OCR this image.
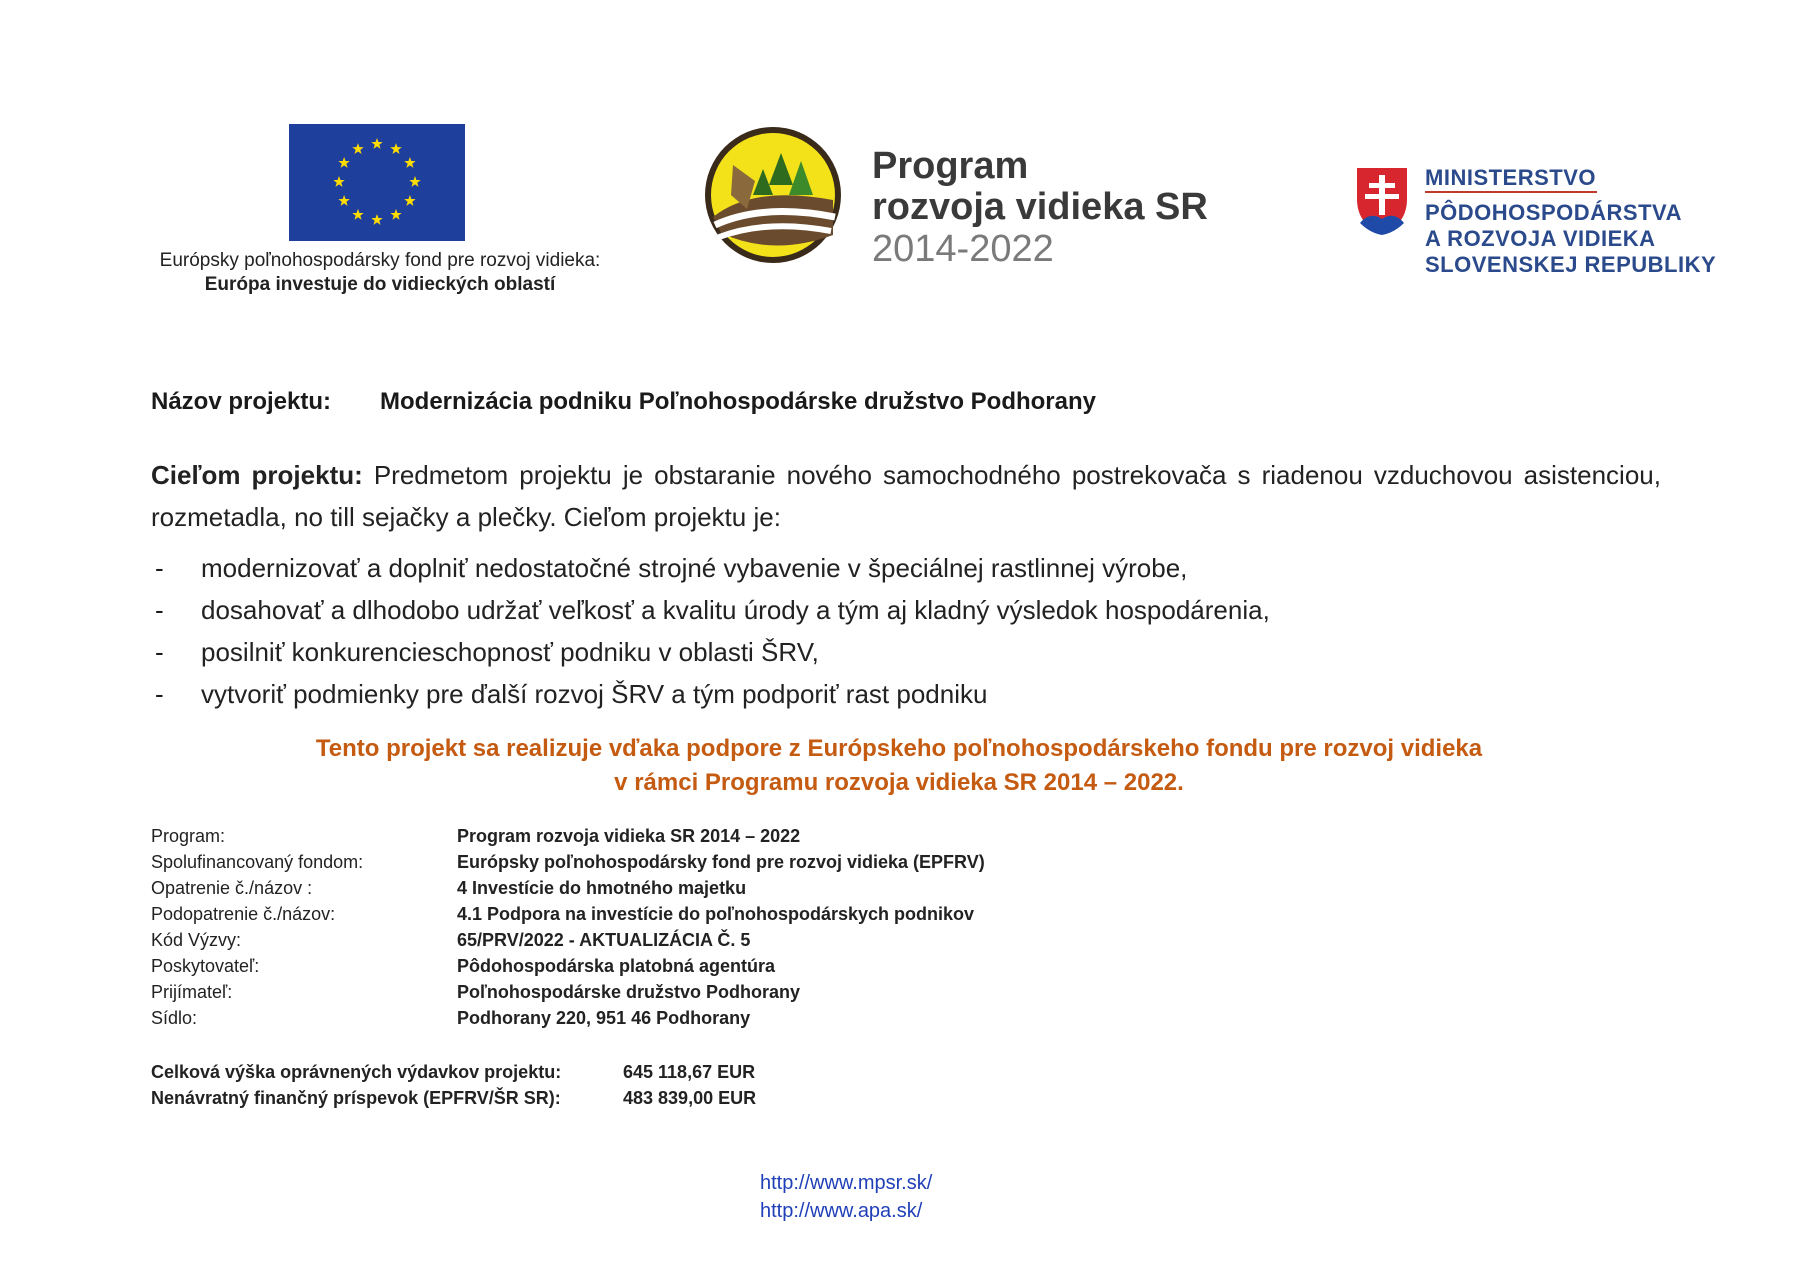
Európsky poľnohospodársky fond pre rozvoj vidieka:
Európa investuje do vidieckých oblastí
Program
rozvoja vidieka SR
2014-2022
MINISTERSTVO
PÔDOHOSPODÁRSTVA
A ROZVOJA VIDIEKA
SLOVENSKEJ REPUBLIKY
Názov projektu: Modernizácia podniku Poľnohospodárske družstvo Podhorany
Cieľom projektu: Predmetom projektu je obstaranie nového samochodného postrekovača s riadenou vzduchovou asistenciou, rozmetadla, no till sejačky a plečky. Cieľom projektu je:
- modernizovať a doplniť nedostatočné strojné vybavenie v špeciálnej rastlinnej výrobe,
- dosahovať a dlhodobo udržať veľkosť a kvalitu úrody a tým aj kladný výsledok hospodárenia,
- posilniť konkurencieschopnosť podniku v oblasti ŠRV,
- vytvoriť podmienky pre ďalší rozvoj ŠRV a tým podporiť rast podniku
Tento projekt sa realizuje vďaka podpore z Európskeho poľnohospodárskeho fondu pre rozvoj vidieka
v rámci Programu rozvoja vidieka SR 2014 – 2022.
Program:	Program rozvoja vidieka SR 2014 – 2022
Spolufinancovaný fondom:	Európsky poľnohospodársky fond pre rozvoj vidieka (EPFRV)
Opatrenie č./názov :	4 Investície do hmotného majetku
Podopatrenie č./názov:	4.1 Podpora na investície do poľnohospodárskych podnikov
Kód Výzvy:	65/PRV/2022 - AKTUALIZÁCIA Č. 5
Poskytovateľ:	Pôdohospodárska platobná agentúra
Prijímateľ:	Poľnohospodárske družstvo Podhorany
Sídlo:	Podhorany 220, 951 46 Podhorany
Celková výška oprávnených výdavkov projektu:	645 118,67 EUR
Nenávratný finančný príspevok (EPFRV/ŠR SR):	483 839,00 EUR
http://www.mpsr.sk/
http://www.apa.sk/
